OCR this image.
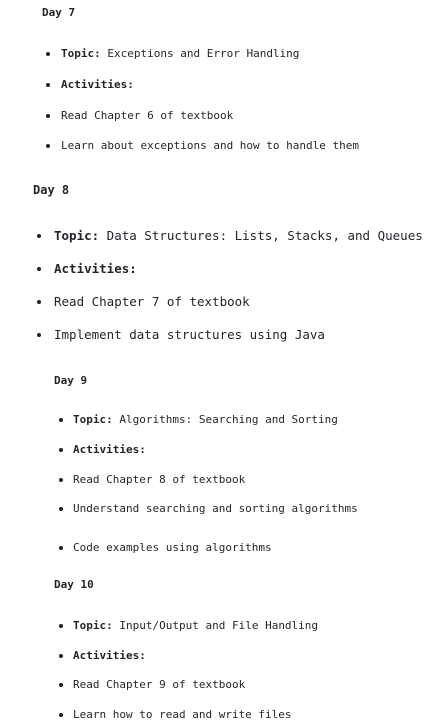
Day 7
Topic: Exceptions and Error Handling
Activities:
Read Chapter 6 of textbook
Learn about exceptions and how to handle them
Day 8
Topic: Data Structures: Lists, Stacks, and Queues
Activities:
Read Chapter 7 of textbook
Implement data structures using Java
Day 9
Topic: Algorithms: Searching and Sorting
Activities:
Read Chapter 8 of textbook
Understand searching and sorting algorithms
Code examples using algorithms
Day 10
Topic: Input/Output and File Handling
Activities:
Read Chapter 9 of textbook
Learn how to read and write files
